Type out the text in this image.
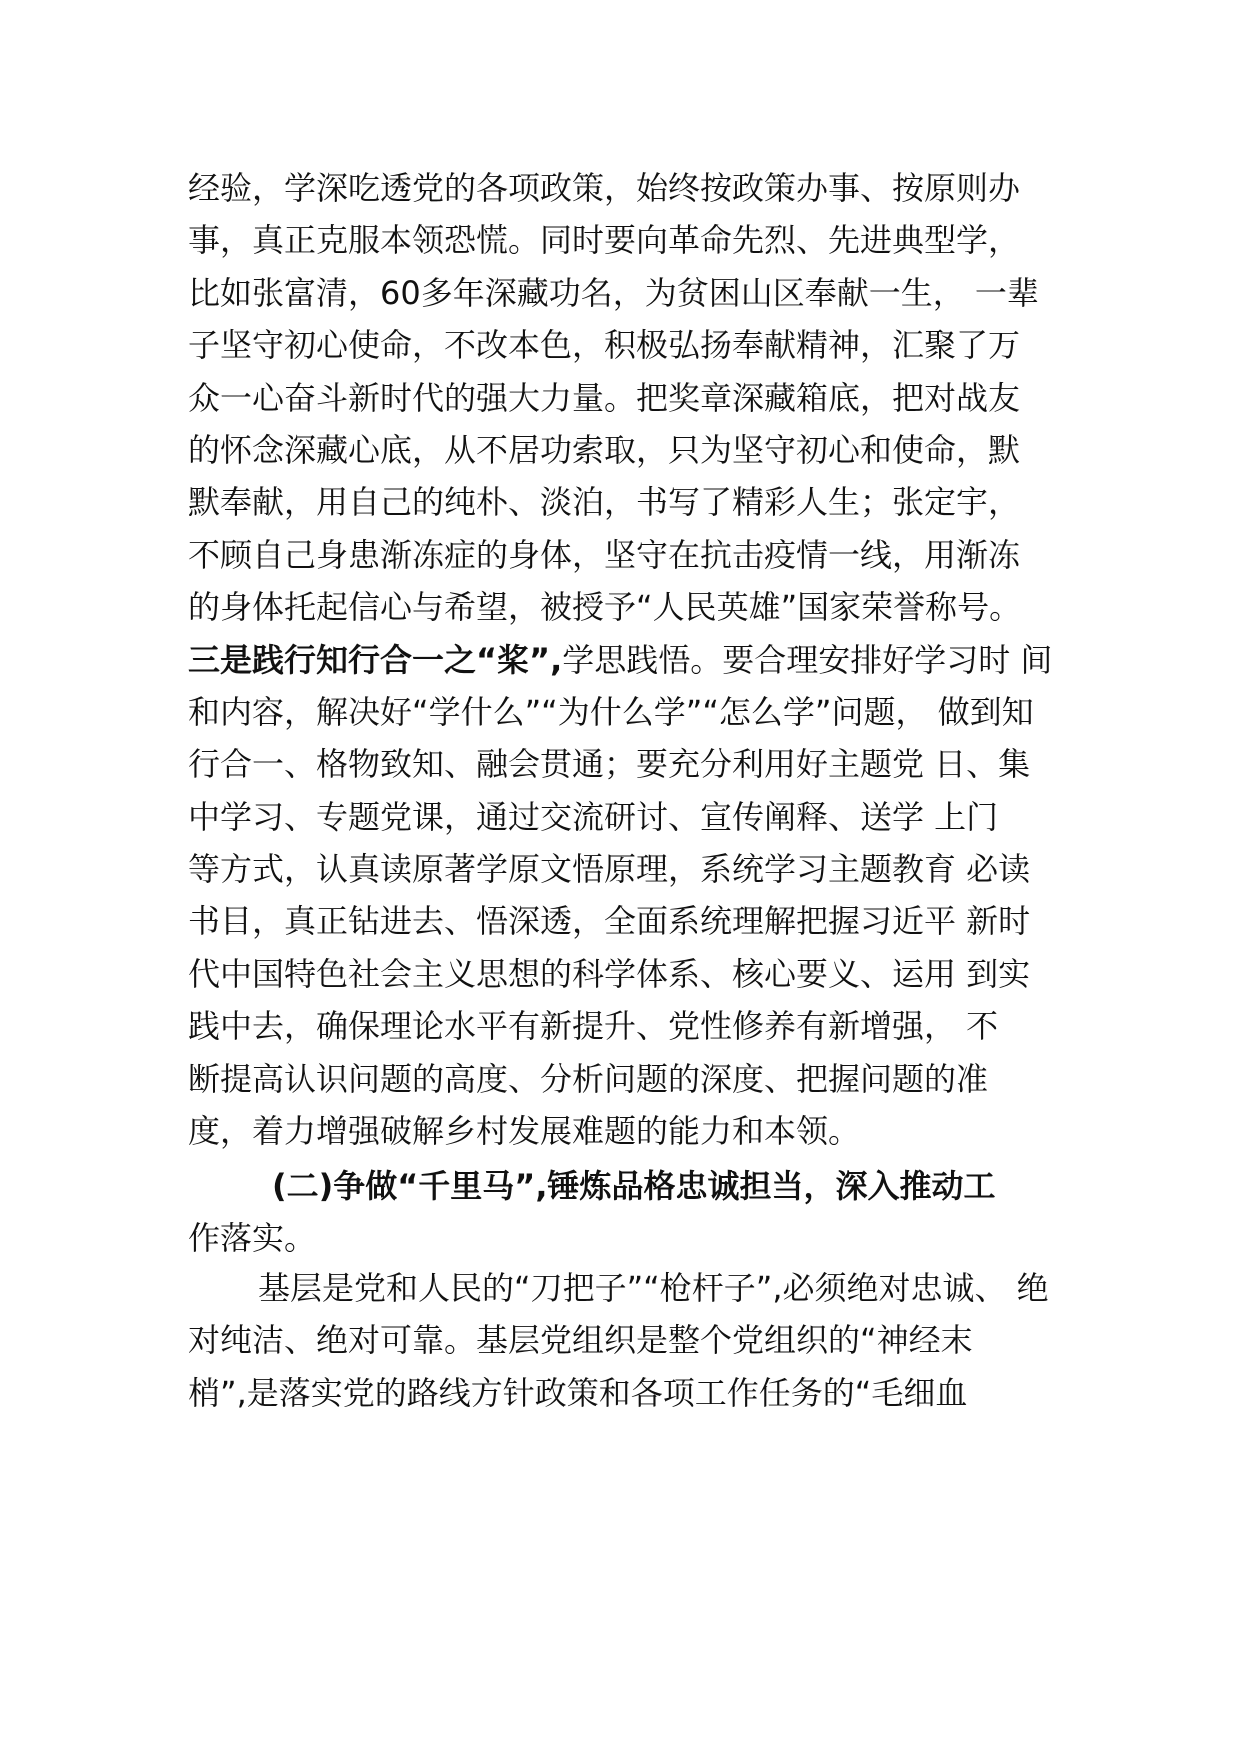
经验，学深吃透党的各项政策，始终按政策办事、按原则办
事，真正克服本领恐慌。同时要向革命先烈、先进典型学，
比如张富清，60多年深藏功名，为贫困山区奉献一生， 一辈
子坚守初心使命，不改本色，积极弘扬奉献精神，汇聚了万
众一心奋斗新时代的强大力量。把奖章深藏箱底，把对战友
的怀念深藏心底，从不居功索取，只为坚守初心和使命，默
默奉献，用自己的纯朴、淡泊，书写了精彩人生；张定宇，
不顾自己身患渐冻症的身体，坚守在抗击疫情一线，用渐冻
的身体托起信心与希望，被授予“人民英雄”国家荣誉称号。
三是践行知行合一之“桨”,学思践悟。要合理安排好学习时 间
和内容，解决好“学什么”“为什么学”“怎么学”问题， 做到知
行合一、格物致知、融会贯通；要充分利用好主题党 日、集
中学习、专题党课，通过交流研讨、宣传阐释、送学 上门
等方式，认真读原著学原文悟原理，系统学习主题教育 必读
书目，真正钻进去、悟深透，全面系统理解把握习近平 新时
代中国特色社会主义思想的科学体系、核心要义、运用 到实
践中去，确保理论水平有新提升、党性修养有新增强， 不
断提高认识问题的高度、分析问题的深度、把握问题的准
度，着力增强破解乡村发展难题的能力和本领。
(二)争做“千里马”,锤炼品格忠诚担当，深入推动工
作落实。
基层是党和人民的“刀把子”“枪杆子”,必须绝对忠诚、 绝
对纯洁、绝对可靠。基层党组织是整个党组织的“神经末
梢”,是落实党的路线方针政策和各项工作任务的“毛细血
